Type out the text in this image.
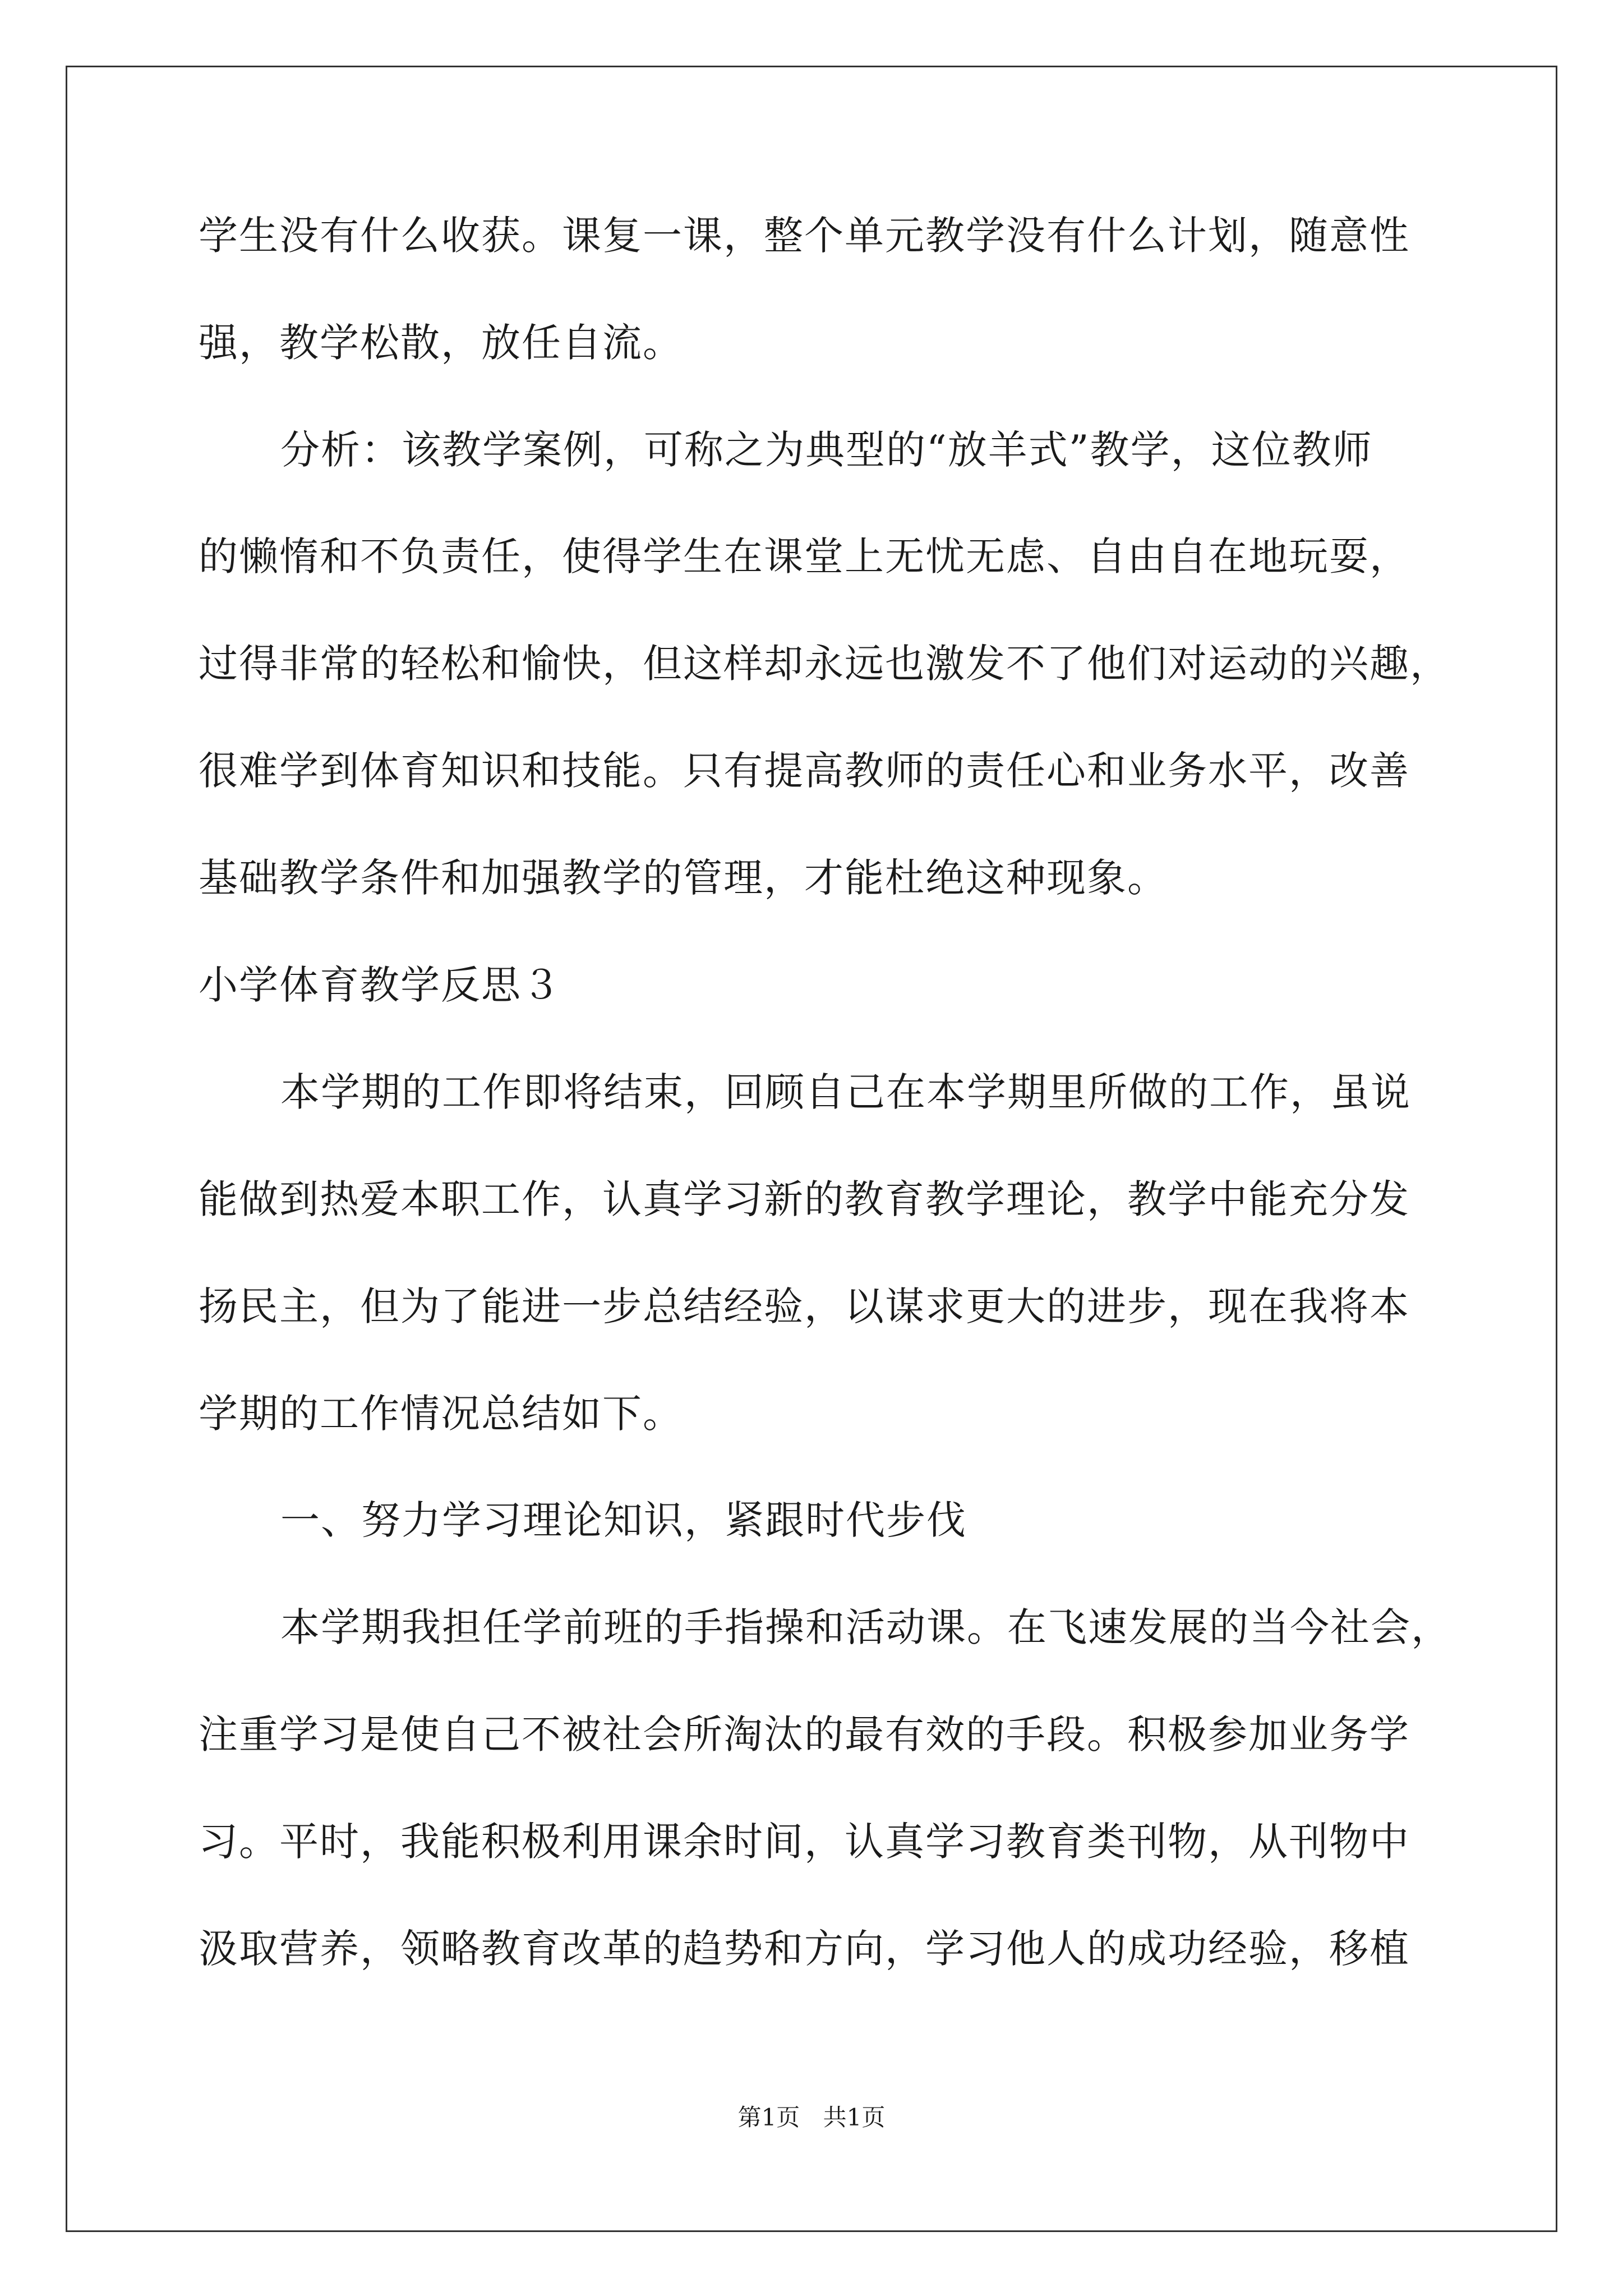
学生没有什么收获。课复一课，整个单元教学没有什么计划，随意性
强，教学松散，放任自流。
分析：该教学案例，可称之为典型的“放羊式”教学，这位教师
的懒惰和不负责任，使得学生在课堂上无忧无虑、自由自在地玩耍，
过得非常的轻松和愉快，但这样却永远也激发不了他们对运动的兴趣，
很难学到体育知识和技能。只有提高教师的责任心和业务水平，改善
基础教学条件和加强教学的管理，才能杜绝这种现象。
小学体育教学反思３
本学期的工作即将结束，回顾自己在本学期里所做的工作，虽说
能做到热爱本职工作，认真学习新的教育教学理论，教学中能充分发
扬民主，但为了能进一步总结经验，以谋求更大的进步，现在我将本
学期的工作情况总结如下。
一、努力学习理论知识，紧跟时代步伐
本学期我担任学前班的手指操和活动课。在飞速发展的当今社会，
注重学习是使自己不被社会所淘汰的最有效的手段。积极参加业务学
习。平时，我能积极利用课余时间，认真学习教育类刊物，从刊物中
汲取营养，领略教育改革的趋势和方向，学习他人的成功经验，移植
第1页 共1页
